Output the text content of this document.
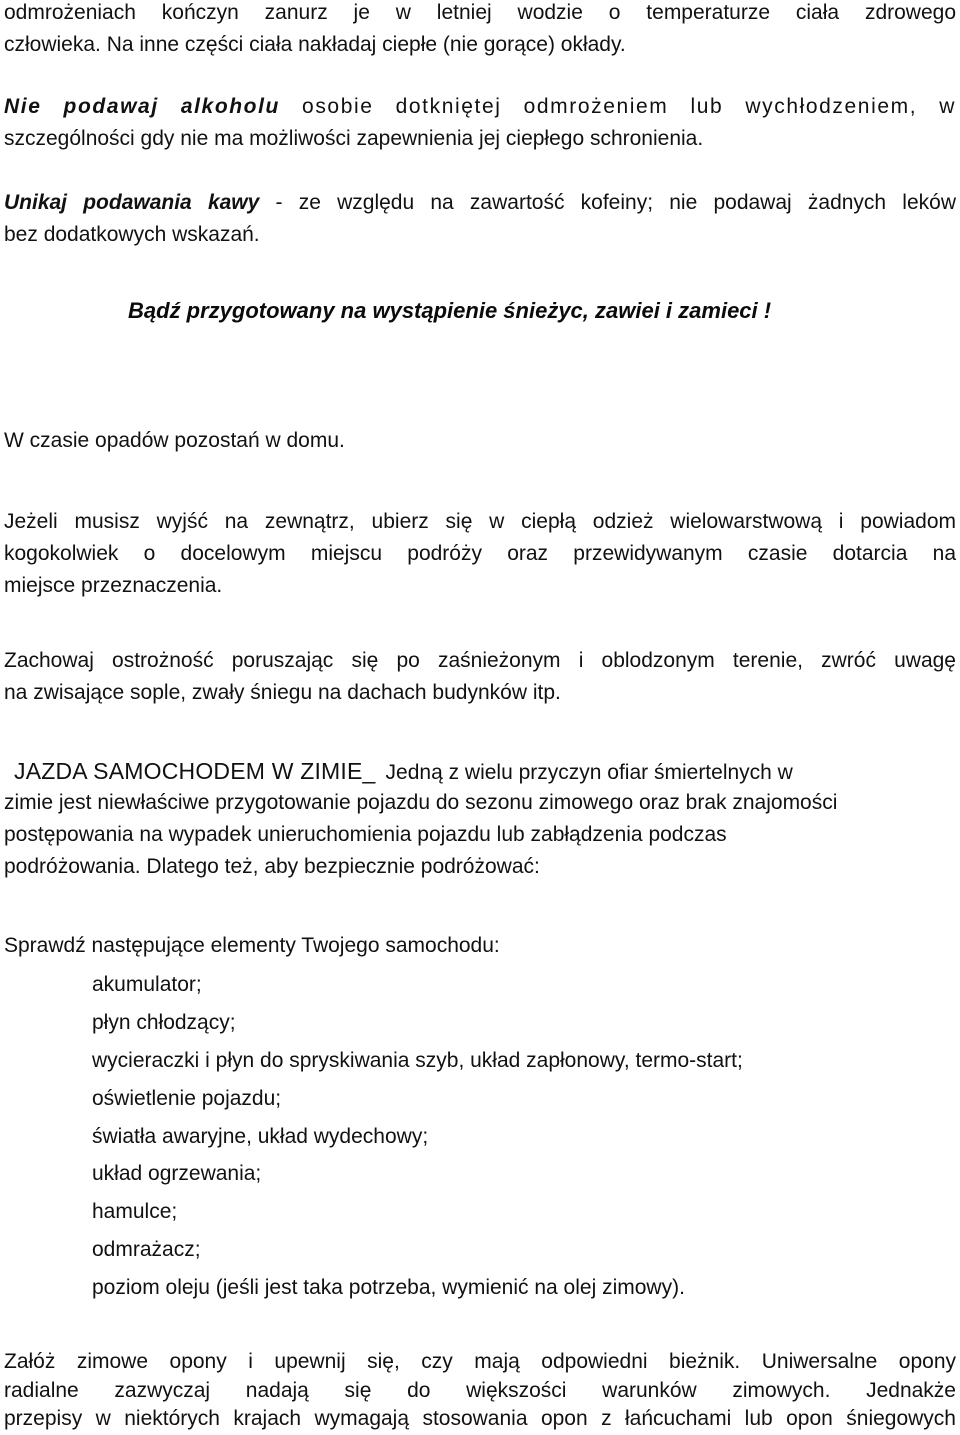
odmrożeniach kończyn zanurz je w letniej wodzie o temperaturze ciała zdrowego

człowieka. Na inne części ciała nakładaj ciepłe (nie gorące) okłady.

Nie podawaj alkoholu osobie dotkniętej odmrożeniem lub wychłodzeniem, w

szczególności gdy nie ma możliwości zapewnienia jej ciepłego schronienia.

Unikaj podawania kawy - ze względu na zawartość kofeiny; nie podawaj żadnych leków

bez dodatkowych wskazań.

Bądź przygotowany na wystąpienie śnieżyc, zawiei i zamieci !

W czasie opadów pozostań w domu.

Jeżeli musisz wyjść na zewnątrz, ubierz się w ciepłą odzież wielowarstwową i powiadom

kogokolwiek o docelowym miejscu podróży oraz przewidywanym czasie dotarcia na

miejsce przeznaczenia.

Zachowaj ostrożność poruszając się po zaśnieżonym i oblodzonym terenie, zwróć uwagę

na zwisające sople, zwały śniegu na dachach budynków itp.

JAZDA SAMOCHODEM W ZIMIE_ Jedną z wielu przyczyn ofiar śmiertelnych w

zimie jest niewłaściwe przygotowanie pojazdu do sezonu zimowego oraz brak znajomości

postępowania na wypadek unieruchomienia pojazdu lub zabłądzenia podczas

podróżowania. Dlatego też, aby bezpiecznie podróżować:

Sprawdź następujące elementy Twojego samochodu:

akumulator;
płyn chłodzący;
wycieraczki i płyn do spryskiwania szyb, układ zapłonowy, termo-start;
oświetlenie pojazdu;
światła awaryjne, układ wydechowy;
układ ogrzewania;
hamulce;
odmrażacz;
poziom oleju (jeśli jest taka potrzeba, wymienić na olej zimowy).

Załóż zimowe opony i upewnij się, czy mają odpowiedni bieżnik. Uniwersalne opony

radialne zazwyczaj nadają się do większości warunków zimowych. Jednakże

przepisy w niektórych krajach wymagają stosowania opon z łańcuchami lub opon śniegowych
